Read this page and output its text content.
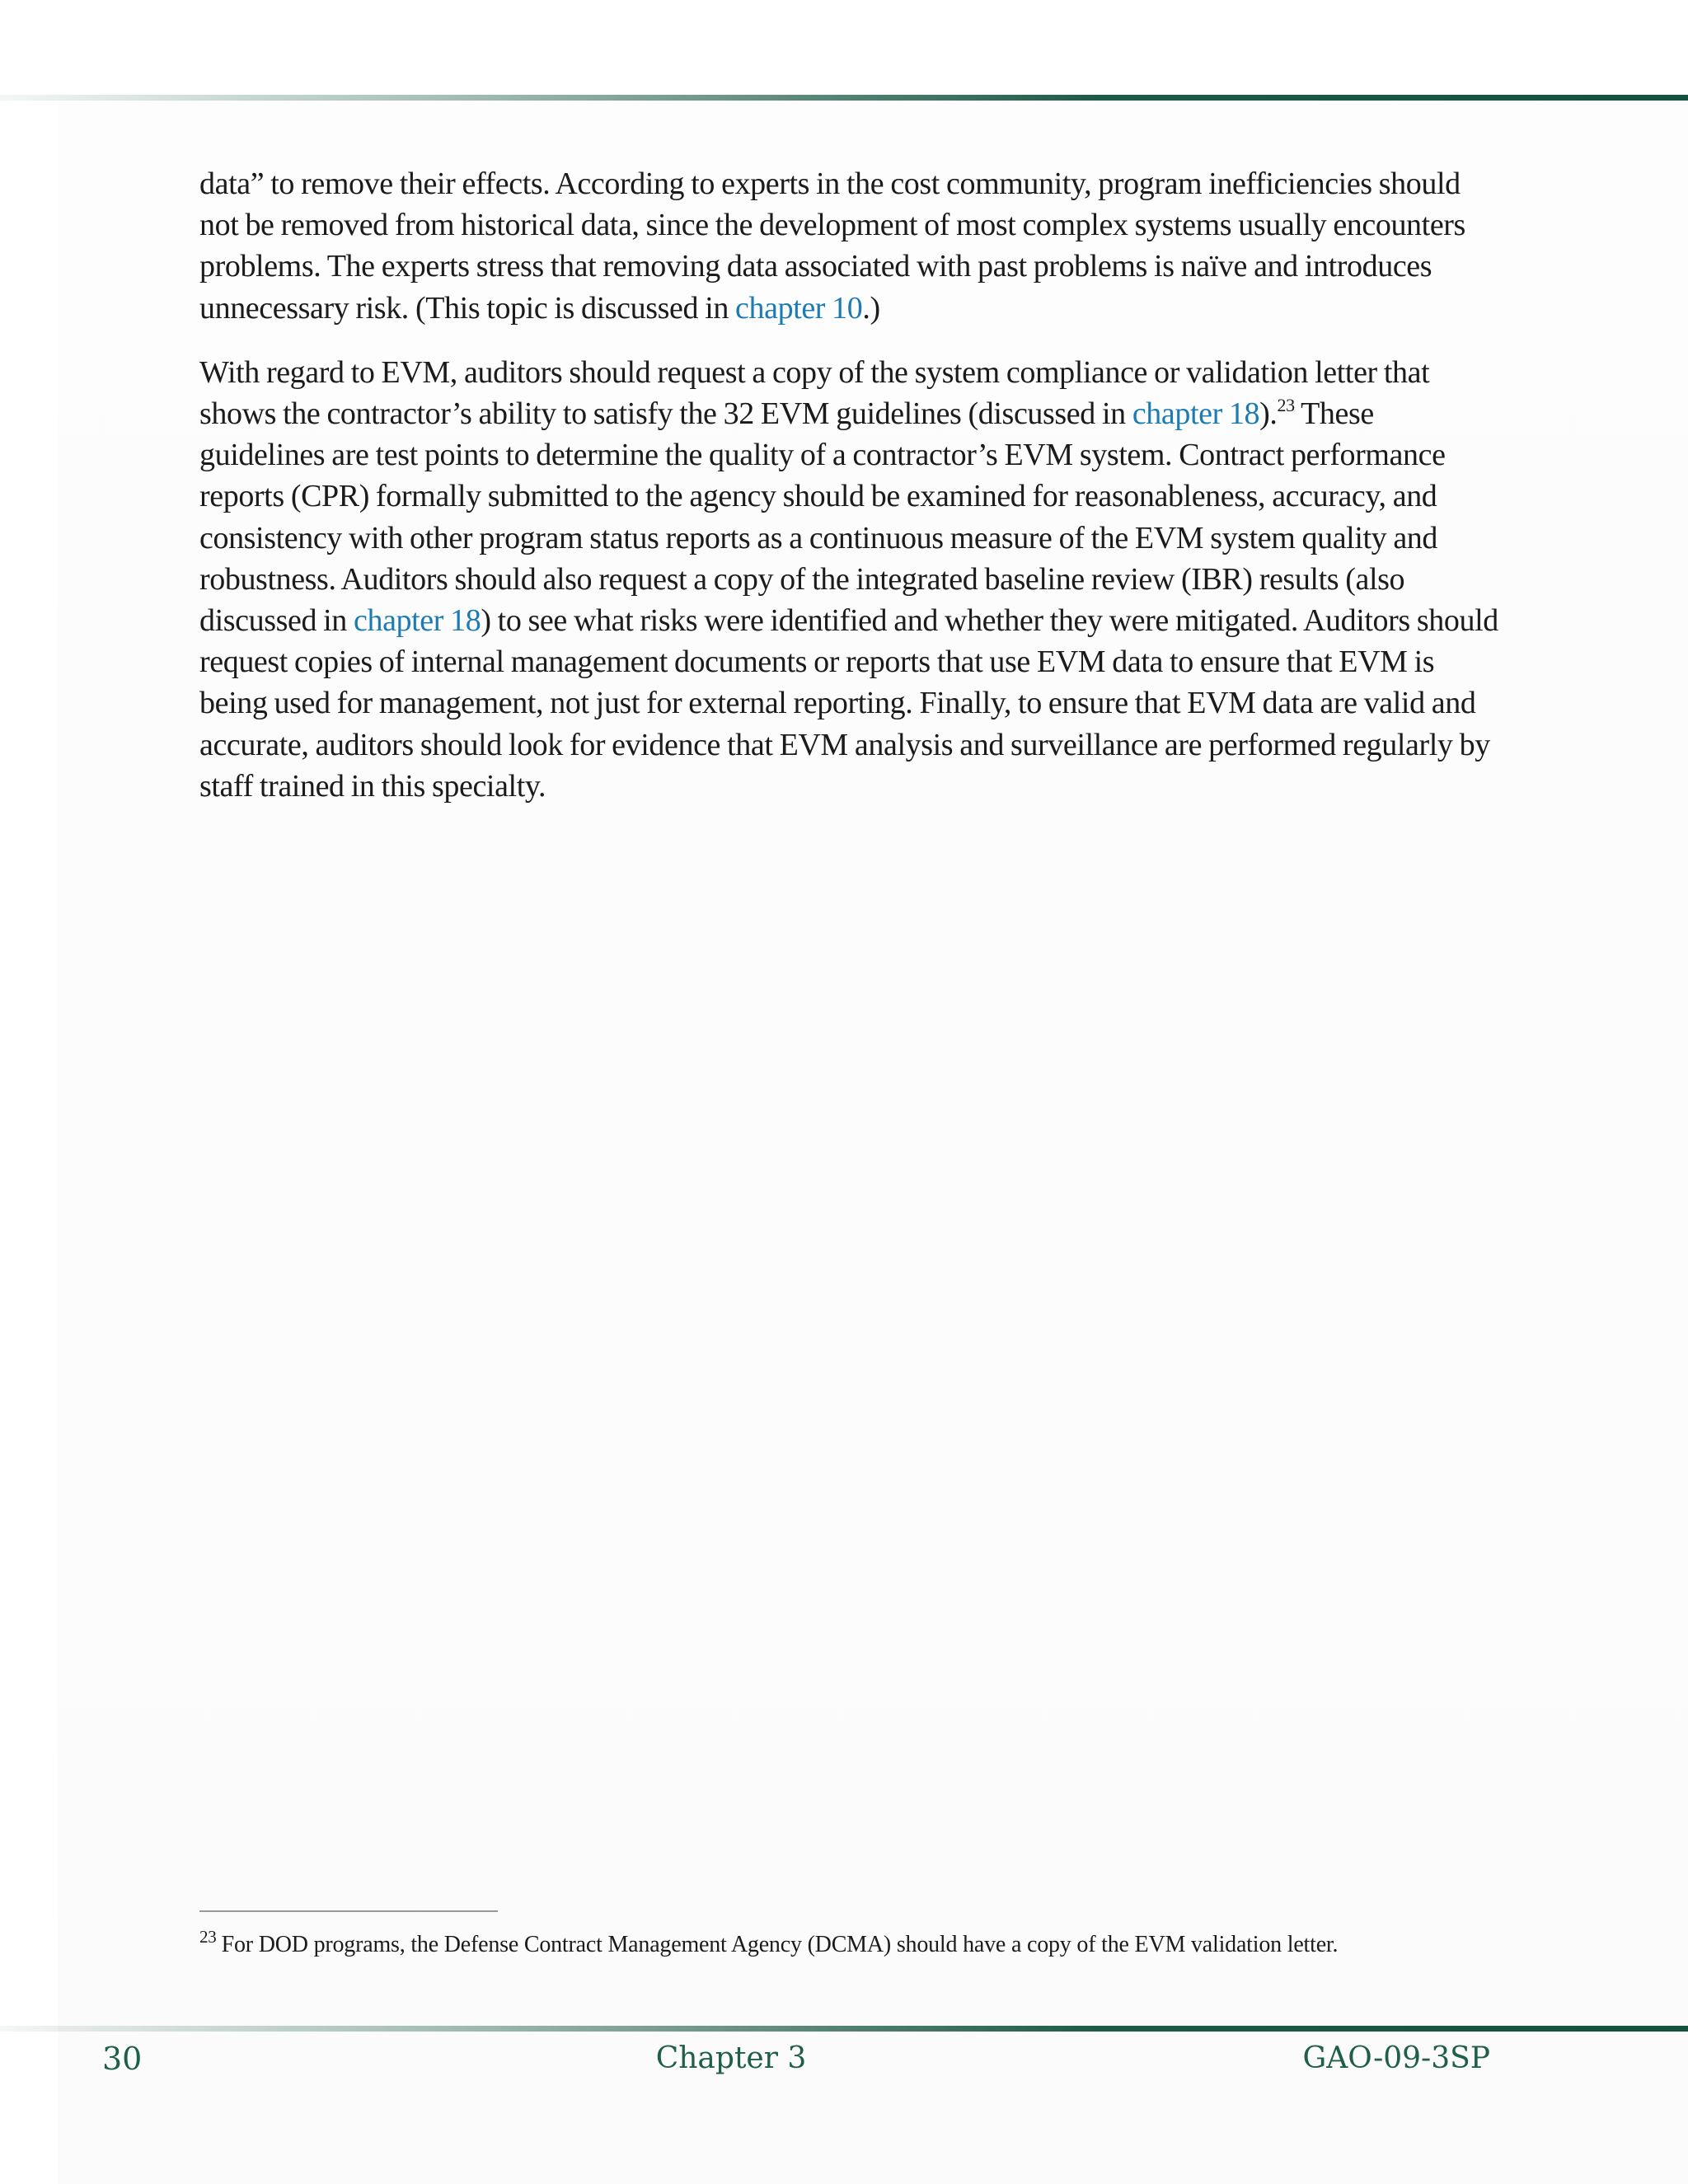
data” to remove their effects. According to experts in the cost community, program inefficiencies should not be removed from historical data, since the development of most complex systems usually encounters problems. The experts stress that removing data associated with past problems is naïve and introduces unnecessary risk. (This topic is discussed in chapter 10.)

With regard to EVM, auditors should request a copy of the system compliance or validation letter that shows the contractor’s ability to satisfy the 32 EVM guidelines (discussed in chapter 18).$^{23}$ These guidelines are test points to determine the quality of a contractor’s EVM system. Contract performance reports (CPR) formally submitted to the agency should be examined for reasonableness, accuracy, and consistency with other program status reports as a continuous measure of the EVM system quality and robustness. Auditors should also request a copy of the integrated baseline review (IBR) results (also discussed in chapter 18) to see what risks were identified and whether they were mitigated. Auditors should request copies of internal management documents or reports that use EVM data to ensure that EVM is being used for management, not just for external reporting. Finally, to ensure that EVM data are valid and accurate, auditors should look for evidence that EVM analysis and surveillance are performed regularly by staff trained in this specialty.

$^{23}$ For DOD programs, the Defense Contract Management Agency (DCMA) should have a copy of the EVM validation letter.
30	Chapter 3	GAO-09-3SP
